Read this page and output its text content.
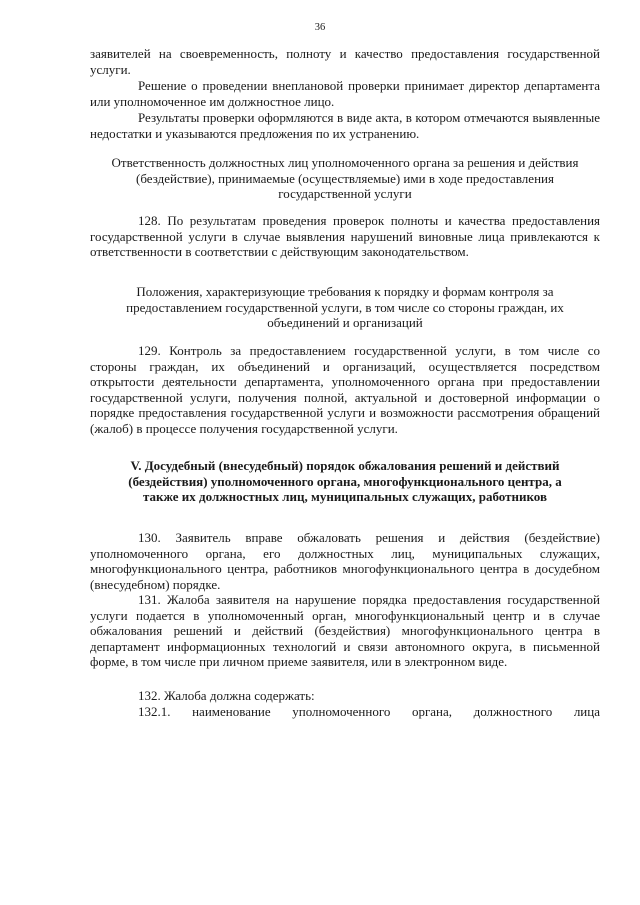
36

заявителей на своевременность, полноту и качество предоставления государственной услуги.

Решение о проведении внеплановой проверки принимает директор департамента или уполномоченное им должностное лицо.

Результаты проверки оформляются в виде акта, в котором отмечаются выявленные недостатки и указываются предложения по их устранению.

Ответственность должностных лиц уполномоченного органа за решения и действия (бездействие), принимаемые (осуществляемые) ими в ходе предоставления государственной услуги

128. По результатам проведения проверок полноты и качества предоставления государственной услуги в случае выявления нарушений виновные лица привлекаются к ответственности в соответствии с действующим законодательством.

Положения, характеризующие требования к порядку и формам контроля за предоставлением государственной услуги, в том числе со стороны граждан, их объединений и организаций

129. Контроль за предоставлением государственной услуги, в том числе со стороны граждан, их объединений и организаций, осуществляется посредством открытости деятельности департамента, уполномоченного органа при предоставлении государственной услуги, получения полной, актуальной и достоверной информации о порядке предоставления государственной услуги и возможности рассмотрения обращений (жалоб) в процессе получения государственной услуги.

V. Досудебный (внесудебный) порядок обжалования решений и действий (бездействия) уполномоченного органа, многофункционального центра, а также их должностных лиц, муниципальных служащих, работников

130. Заявитель вправе обжаловать решения и действия (бездействие) уполномоченного органа, его должностных лиц, муниципальных служащих, многофункционального центра, работников многофункционального центра в досудебном (внесудебном) порядке.

131. Жалоба заявителя на нарушение порядка предоставления государственной услуги подается в уполномоченный орган, многофункциональный центр и в случае обжалования решений и действий (бездействия) многофункционального центра в департамент информационных технологий и связи автономного округа, в письменной форме, в том числе при личном приеме заявителя, или в электронном виде.

132. Жалоба должна содержать:

132.1. наименование уполномоченного органа, должностного лица
